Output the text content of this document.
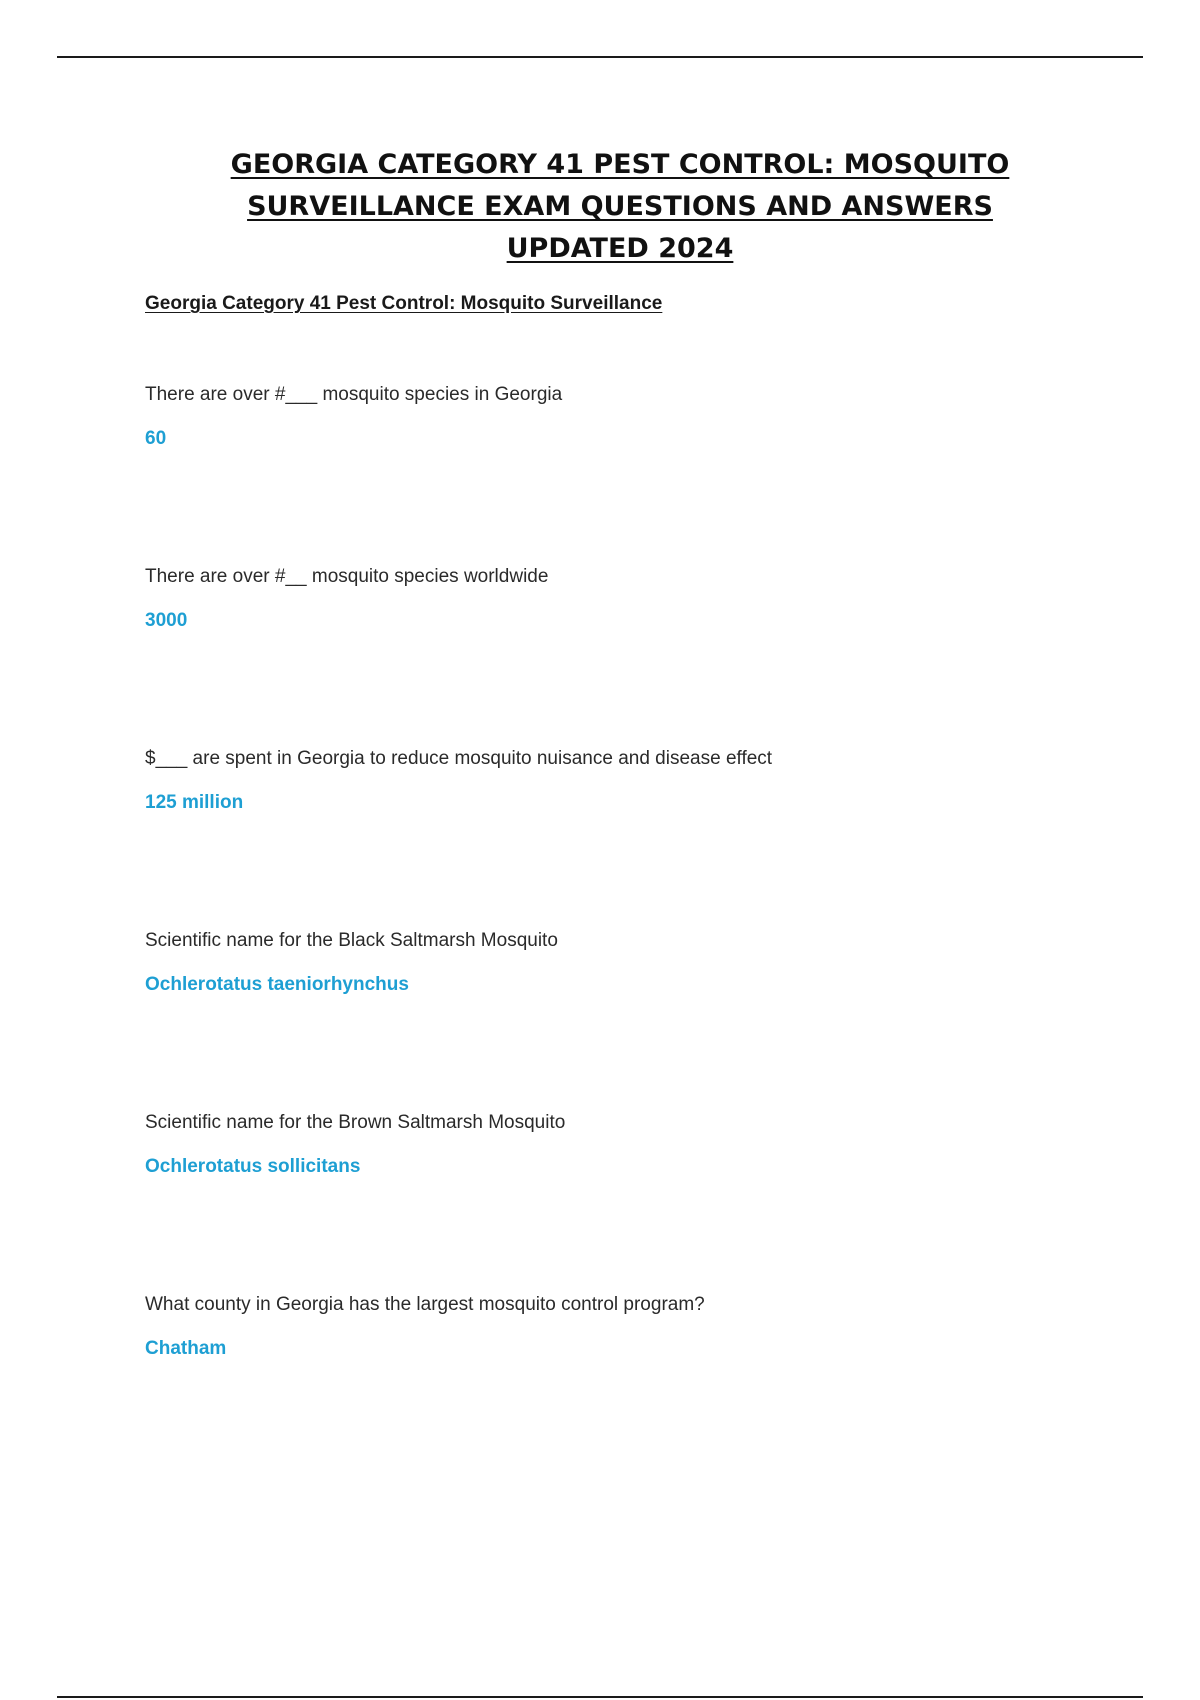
GEORGIA CATEGORY 41 PEST CONTROL: MOSQUITO
SURVEILLANCE EXAM QUESTIONS AND ANSWERS
UPDATED 2024
Georgia Category 41 Pest Control: Mosquito Surveillance

There are over #___ mosquito species in Georgia

60

There are over #__ mosquito species worldwide

3000

$___ are spent in Georgia to reduce mosquito nuisance and disease effect

125 million

Scientific name for the Black Saltmarsh Mosquito

Ochlerotatus taeniorhynchus

Scientific name for the Brown Saltmarsh Mosquito

Ochlerotatus sollicitans

What county in Georgia has the largest mosquito control program?

Chatham
